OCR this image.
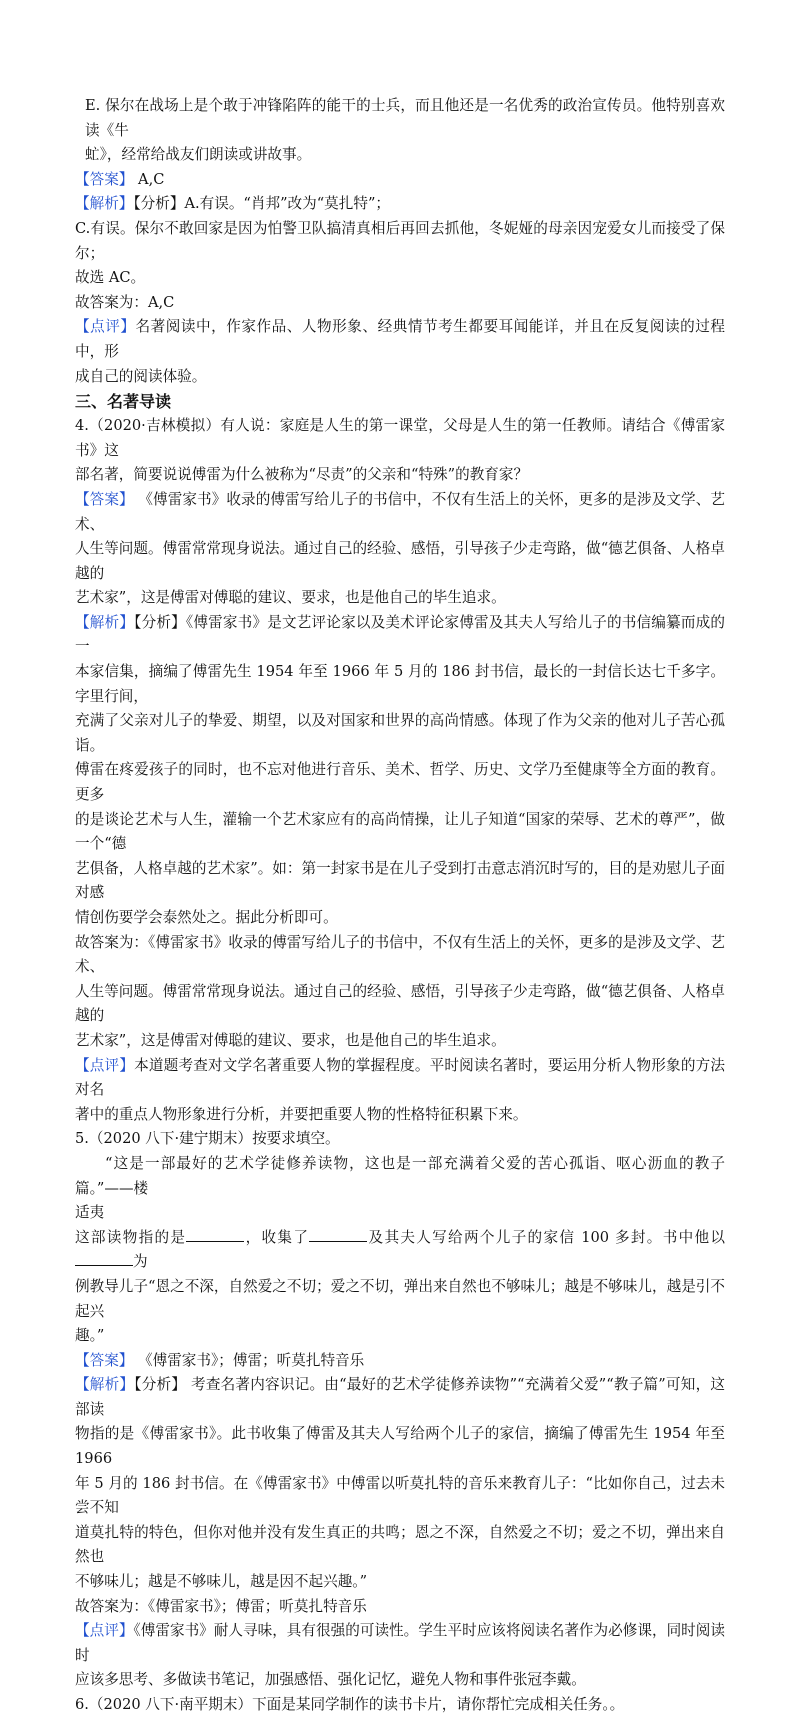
E. 保尔在战场上是个敢于冲锋陷阵的能干的士兵，而且他还是一名优秀的政治宣传员。他特别喜欢读《牛

虻》，经常给战友们朗读或讲故事。

【答案】 A,C

【解析】【分析】A.有误。“肖邦”改为“莫扎特”；

C.有误。保尔不敢回家是因为怕警卫队搞清真相后再回去抓他，冬妮娅的母亲因宠爱女儿而接受了保尔；

故选 AC。

故答案为：A,C

【点评】名著阅读中，作家作品、人物形象、经典情节考生都要耳闻能详，并且在反复阅读的过程中，形

成自己的阅读体验。

三、名著导读

4.（2020·吉林模拟）有人说：家庭是人生的第一课堂，父母是人生的第一任教师。请结合《傅雷家书》这

部名著，简要说说傅雷为什么被称为“尽责”的父亲和“特殊”的教育家？

【答案】 《傅雷家书》收录的傅雷写给儿子的书信中，不仅有生活上的关怀，更多的是涉及文学、艺术、

人生等问题。傅雷常常现身说法。通过自己的经验、感悟，引导孩子少走弯路，做“德艺俱备、人格卓越的

艺术家”，这是傅雷对傅聪的建议、要求，也是他自己的毕生追求。

【解析】【分析】《傅雷家书》是文艺评论家以及美术评论家傅雷及其夫人写给儿子的书信编纂而成的一

本家信集，摘编了傅雷先生 1954 年至 1966 年 5 月的 186 封书信，最长的一封信长达七千多字。字里行间，

充满了父亲对儿子的挚爱、期望，以及对国家和世界的高尚情感。体现了作为父亲的他对儿子苦心孤诣。

傅雷在疼爱孩子的同时，也不忘对他进行音乐、美术、哲学、历史、文学乃至健康等全方面的教育。更多

的是谈论艺术与人生，灌输一个艺术家应有的高尚情操，让儿子知道“国家的荣辱、艺术的尊严”，做一个“德

艺俱备，人格卓越的艺术家”。如：第一封家书是在儿子受到打击意志消沉时写的，目的是劝慰儿子面对感

情创伤要学会泰然处之。据此分析即可。

故答案为：《傅雷家书》收录的傅雷写给儿子的书信中，不仅有生活上的关怀，更多的是涉及文学、艺术、

人生等问题。傅雷常常现身说法。通过自己的经验、感悟，引导孩子少走弯路，做“德艺俱备、人格卓越的

艺术家”，这是傅雷对傅聪的建议、要求，也是他自己的毕生追求。

【点评】本道题考查对文学名著重要人物的掌握程度。平时阅读名著时，要运用分析人物形象的方法对名

著中的重点人物形象进行分析，并要把重要人物的性格特征积累下来。

5.（2020 八下·建宁期末）按要求填空。

“这是一部最好的艺术学徒修养读物，这也是一部充满着父爱的苦心孤诣、呕心沥血的教子篇。”——楼

适夷

这部读物指的是	，收集了	及其夫人写给两个儿子的家信 100 多封。书中他以为

例教导儿子“恩之不深，自然爱之不切；爱之不切，弹出来自然也不够味儿；越是不够味儿，越是引不起兴

趣。”

【答案】 《傅雷家书》；傅雷；听莫扎特音乐

【解析】【分析】 考查名著内容识记。由“最好的艺术学徒修养读物”“充满着父爱”“教子篇”可知，这部读

物指的是《傅雷家书》。此书收集了傅雷及其夫人写给两个儿子的家信，摘编了傅雷先生 1954 年至 1966

年 5 月的 186 封书信。在《傅雷家书》中傅雷以听莫扎特的音乐来教育儿子：“比如你自己，过去未尝不知

道莫扎特的特色，但你对他并没有发生真正的共鸣；恩之不深，自然爱之不切；爱之不切，弹出来自然也

不够味儿；越是不够味儿，越是因不起兴趣。”

故答案为：《傅雷家书》；傅雷；听莫扎特音乐

【点评】《傅雷家书》耐人寻味，具有很强的可读性。学生平时应该将阅读名著作为必修课，同时阅读时

应该多思考、多做读书笔记，加强感悟、强化记忆，避免人物和事件张冠李戴。

6.（2020 八下·南平期末）下面是某同学制作的读书卡片，请你帮忙完成相关任务。。
